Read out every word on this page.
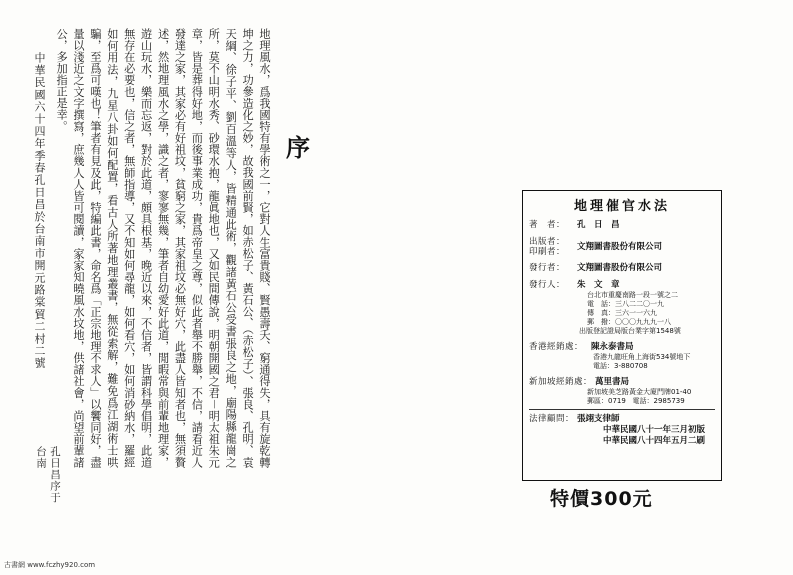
序
地理風水，爲我國特有學術之一，它對人生富貴賤、賢愚壽夭、窮通得失，具有旋乾轉坤之力，功參造化之妙，故我國前賢，如赤松子、黃石公、（赤松子）、張良、孔明、袁天綱、徐子平、劉百溫等人，皆精通此術，觀諸黃石公受書張良之地，廟陽縣龍崗之所，莫不山明水秀、砂環水抱，龍眞地也，又如民間傳說，明朝開國之君－明太祖朱元章，皆是葬得好地，而後事業成功，貴爲帝皇之尊，似此者舉不勝舉，不信，請看近人發達之家，其家必有好祖坟，貧窮之家，其家祖坟必無好穴，此盡人皆知者也，無須贅述，然地理風水之學，識之者，寥寥無幾，筆者自幼愛好此道，閒暇常與前輩地理家，遊山玩水，樂而忘返，對於此道，頗具根基，晚近以來，不信者，皆謂科學倡明，此道無存在必要也，信之者，無師指導，又不知如何尋龍，如何看穴，如何消砂納水，羅經如何用法，九星八卦如何配置，看古人所著地理叢書，無從索解，難免爲江湖術士哄騙，至爲可嘆也！筆者有見及此，特編此書，命名爲「正宗地理不求人」以饗同好，盡量以淺近之文字撰寫，庶幾人人皆可閱讀，家家知曉風水坟地，供諸社會，尚望前輩諸公，多加指正是幸。
中華民國六十四年季春孔日昌於台南市開元路棠貿二村二號
孔日昌序于
台南
地理催官水法
著　者：	孔　日　昌
出版者：
印刷者：	文翔圖書股份有限公司
發行者：	文翔圖書股份有限公司
發行人：	朱　文　章
台北市重慶南路一段一號之二
電　話：三八二二〇一九
傳　真：三六一一六九
郵　撥：〇〇〇九九九一八
出版登記證局版台業字第1548號
香港經銷處： 陳永泰書局
香港九龍旺角上海街534號地下
電話：3-880708
新加坡經銷處： 萬里書局
新加坡美芝路黃金大廈門牌01-40
郵區：0719 電話：2985739
法律顧問： 張翊支律師
中華民國八十一年三月初版
中華民國八十四年五月二刷
特價300元
古書網 www.fczhy920.com
